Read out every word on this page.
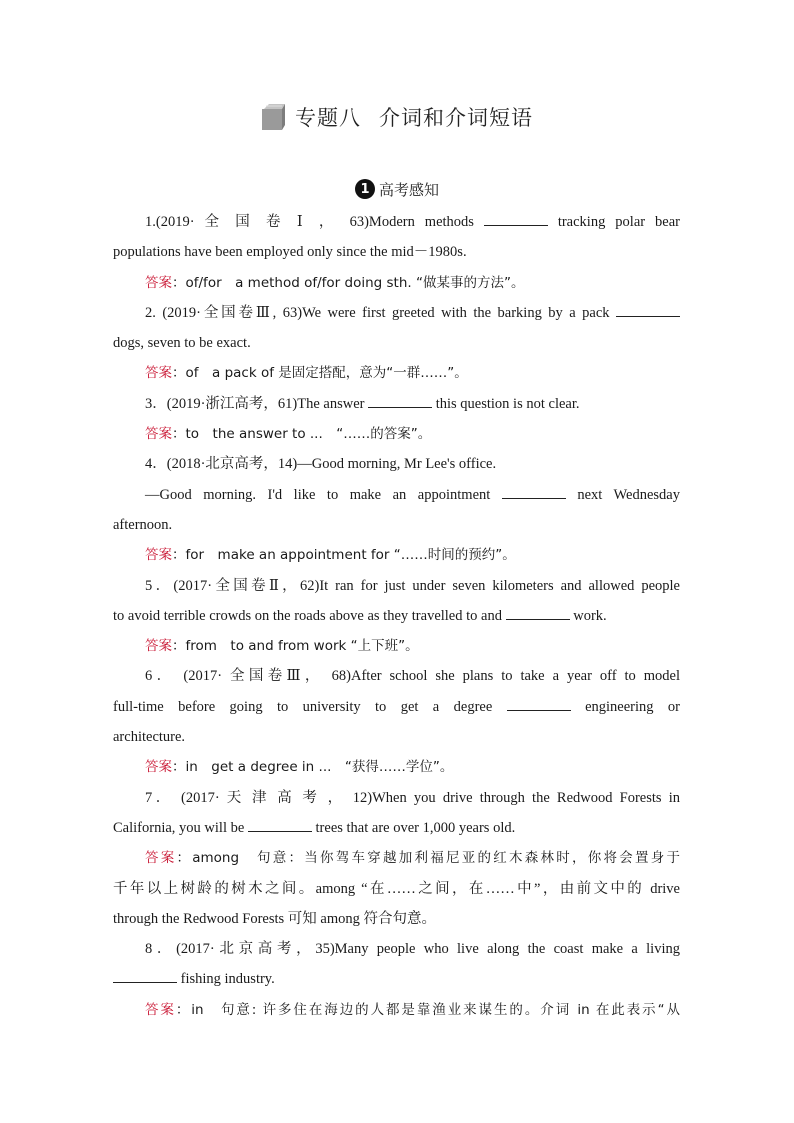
专题八 介词和介词短语
1 高考感知
1.(2019· 全 国 卷 Ⅰ ， 63)Modern methods	tracking polar bear
populations have been employed only since the mid－1980s.
答案：of/for　a method of/for doing sth. “做某事的方法”。
2. (2019·全国卷Ⅲ, 63)We were first greeted with the barking by a pack
dogs, seven to be exact.
答案：of　a pack of 是固定搭配，意为“一群……”。
3．(2019·浙江高考，61)The answer	this question is not clear.
答案：to　the answer to ...　“……的答案”。
4．(2018·北京高考，14)—Good morning, Mr Lee's office.
—Good morning. I'd like to make an appointment	next Wednesday
afternoon.
答案：for　make an appointment for “……时间的预约”。
5．(2017·全国卷Ⅱ，62)It ran for just under seven kilometers and allowed people
to avoid terrible crowds on the roads above as they travelled to and	work.
答案：from　to and from work “上下班”。
6． (2017· 全国卷Ⅲ， 68)After school she plans to take a year off to model
full-time before going to university to get a degree	engineering or
architecture.
答案：in　get a degree in ...　“获得……学位”。
7． (2017· 天 津 高 考 ， 12)When you drive through the Redwood Forests in
California, you will be	trees that are over 1,000 years old.
答案：among　句意：当你驾车穿越加利福尼亚的红木森林时，你将会置身于
千年以上树龄的树木之间。among “在……之间，在……中”，由前文中的 drive
through the Redwood Forests 可知 among 符合句意。
8．(2017·北京高考，35)Many people who live along the coast make a living
fishing industry.
答案：in　句意: 许多住在海边的人都是靠渔业来谋生的。介词 in 在此表示“从
